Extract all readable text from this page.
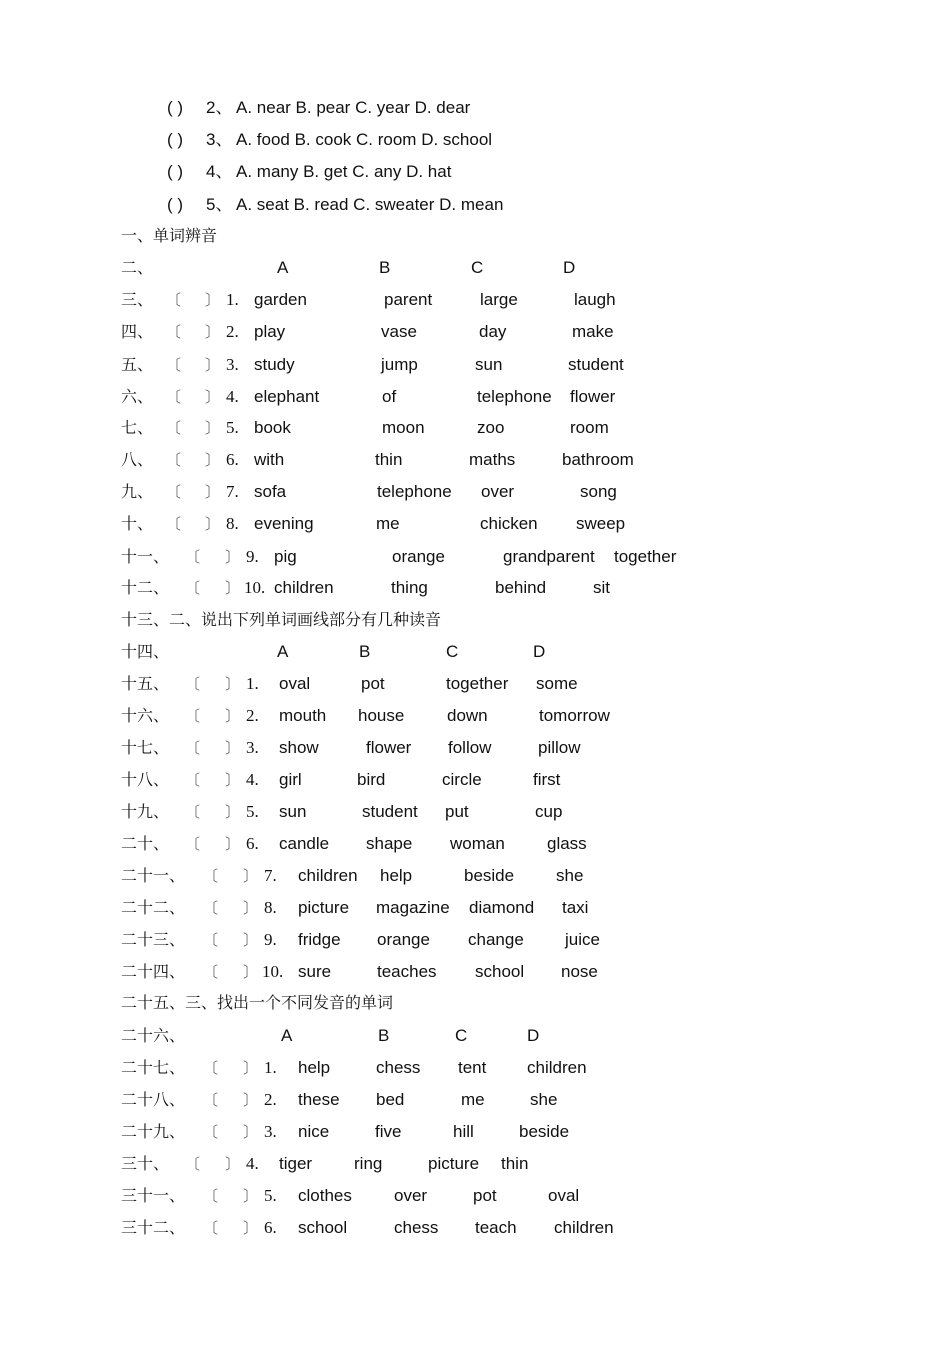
( ) 2、 A. near B. pear C. year D. dear
( ) 3、 A. food B. cook C. room D. school
( ) 4、 A. many B. get C. any D. hat
( ) 5、 A. seat B. read C. sweater D. mean
一、单词辨音
二、	A	B	C	D
三、 〔 〕 1. garden	parent	large	laugh
四、 〔 〕 2. play	vase	day	make
五、 〔 〕 3. study	jump	sun	student
六、 〔 〕 4. elephant	of	telephone flower
七、 〔 〕 5. book	moon	zoo	room
八、 〔 〕 6. with	thin	maths	bathroom
九、 〔 〕 7. sofa	telephone over	song
十、 〔 〕 8. evening	me	chicken sweep
十一、 〔 〕 9. pig	orange	grandparent together
十二、 〔 〕 10. children	thing	behind	sit
十三、二、说出下列单词画线部分有几种读音
十四、	A	B	C	D
十五、 〔 〕 1. oval	pot	together some
十六、 〔 〕 2. mouth house	down	tomorrow
十七、 〔 〕 3. show	flower follow	pillow
十八、 〔 〕 4. girl	bird	circle	first
十九、 〔 〕 5. sun	student put	cup
二十、 〔 〕 6. candle shape woman glass
二十一、 〔 〕 7. children help	beside she
二十二、 〔 〕 8. picture magazine diamond taxi
二十三、 〔 〕 9. fridge orange change juice
二十四、 〔 〕 10. sure	teaches school nose
二十五、三、找出一个不同发音的单词
二十六、	A	B	C	D
二十七、 〔 〕 1. help	chess tent children
二十八、 〔 〕 2. these bed	me	she
二十九、 〔 〕 3. nice	five	hill	beside
三十、 〔 〕 4. tiger ring	picture thin
三十一、 〔 〕 5. clothes over	pot	oval
三十二、 〔 〕 6. school	chess teach children
